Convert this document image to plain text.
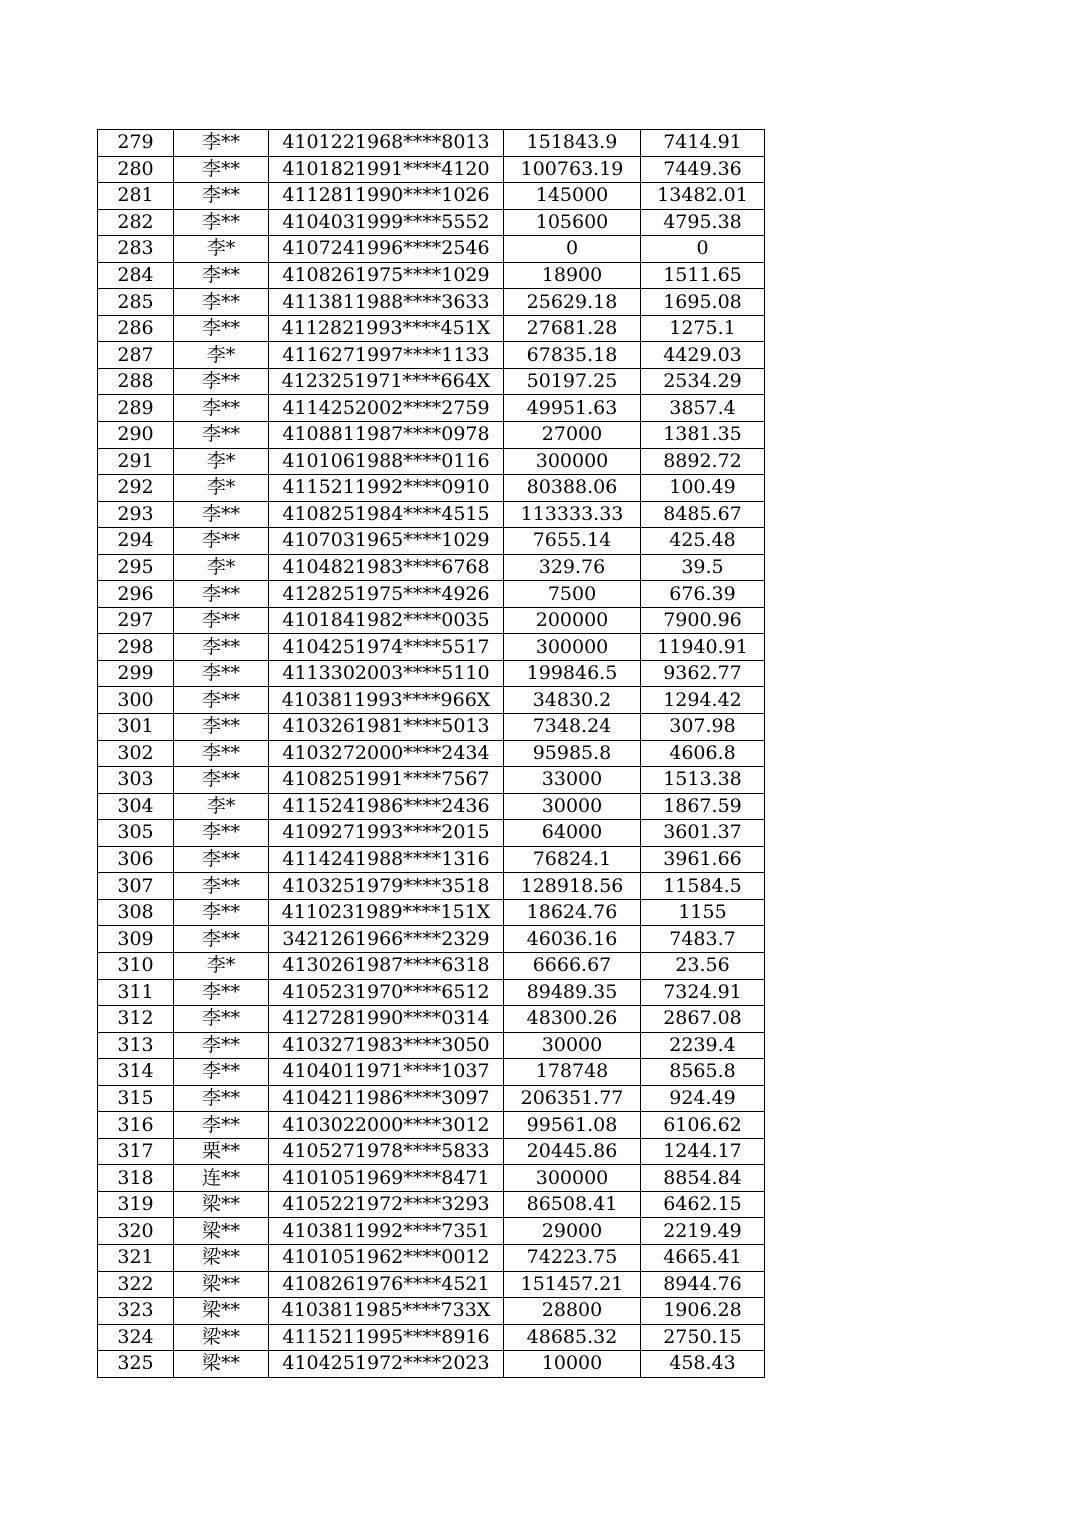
279	李**	4101221968****8013	151843.9	7414.91
280	李**	4101821991****4120	100763.19	7449.36
281	李**	4112811990****1026	145000	13482.01
282	李**	4104031999****5552	105600	4795.38
283	李*	4107241996****2546	0	0
284	李**	4108261975****1029	18900	1511.65
285	李**	4113811988****3633	25629.18	1695.08
286	李**	4112821993****451X	27681.28	1275.1
287	李*	4116271997****1133	67835.18	4429.03
288	李**	4123251971****664X	50197.25	2534.29
289	李**	4114252002****2759	49951.63	3857.4
290	李**	4108811987****0978	27000	1381.35
291	李*	4101061988****0116	300000	8892.72
292	李*	4115211992****0910	80388.06	100.49
293	李**	4108251984****4515	113333.33	8485.67
294	李**	4107031965****1029	7655.14	425.48
295	李*	4104821983****6768	329.76	39.5
296	李**	4128251975****4926	7500	676.39
297	李**	4101841982****0035	200000	7900.96
298	李**	4104251974****5517	300000	11940.91
299	李**	4113302003****5110	199846.5	9362.77
300	李**	4103811993****966X	34830.2	1294.42
301	李**	4103261981****5013	7348.24	307.98
302	李**	4103272000****2434	95985.8	4606.8
303	李**	4108251991****7567	33000	1513.38
304	李*	4115241986****2436	30000	1867.59
305	李**	4109271993****2015	64000	3601.37
306	李**	4114241988****1316	76824.1	3961.66
307	李**	4103251979****3518	128918.56	11584.5
308	李**	4110231989****151X	18624.76	1155
309	李**	3421261966****2329	46036.16	7483.7
310	李*	4130261987****6318	6666.67	23.56
311	李**	4105231970****6512	89489.35	7324.91
312	李**	4127281990****0314	48300.26	2867.08
313	李**	4103271983****3050	30000	2239.4
314	李**	4104011971****1037	178748	8565.8
315	李**	4104211986****3097	206351.77	924.49
316	李**	4103022000****3012	99561.08	6106.62
317	栗**	4105271978****5833	20445.86	1244.17
318	连**	4101051969****8471	300000	8854.84
319	梁**	4105221972****3293	86508.41	6462.15
320	梁**	4103811992****7351	29000	2219.49
321	梁**	4101051962****0012	74223.75	4665.41
322	梁**	4108261976****4521	151457.21	8944.76
323	梁**	4103811985****733X	28800	1906.28
324	梁**	4115211995****8916	48685.32	2750.15
325	梁**	4104251972****2023	10000	458.43
